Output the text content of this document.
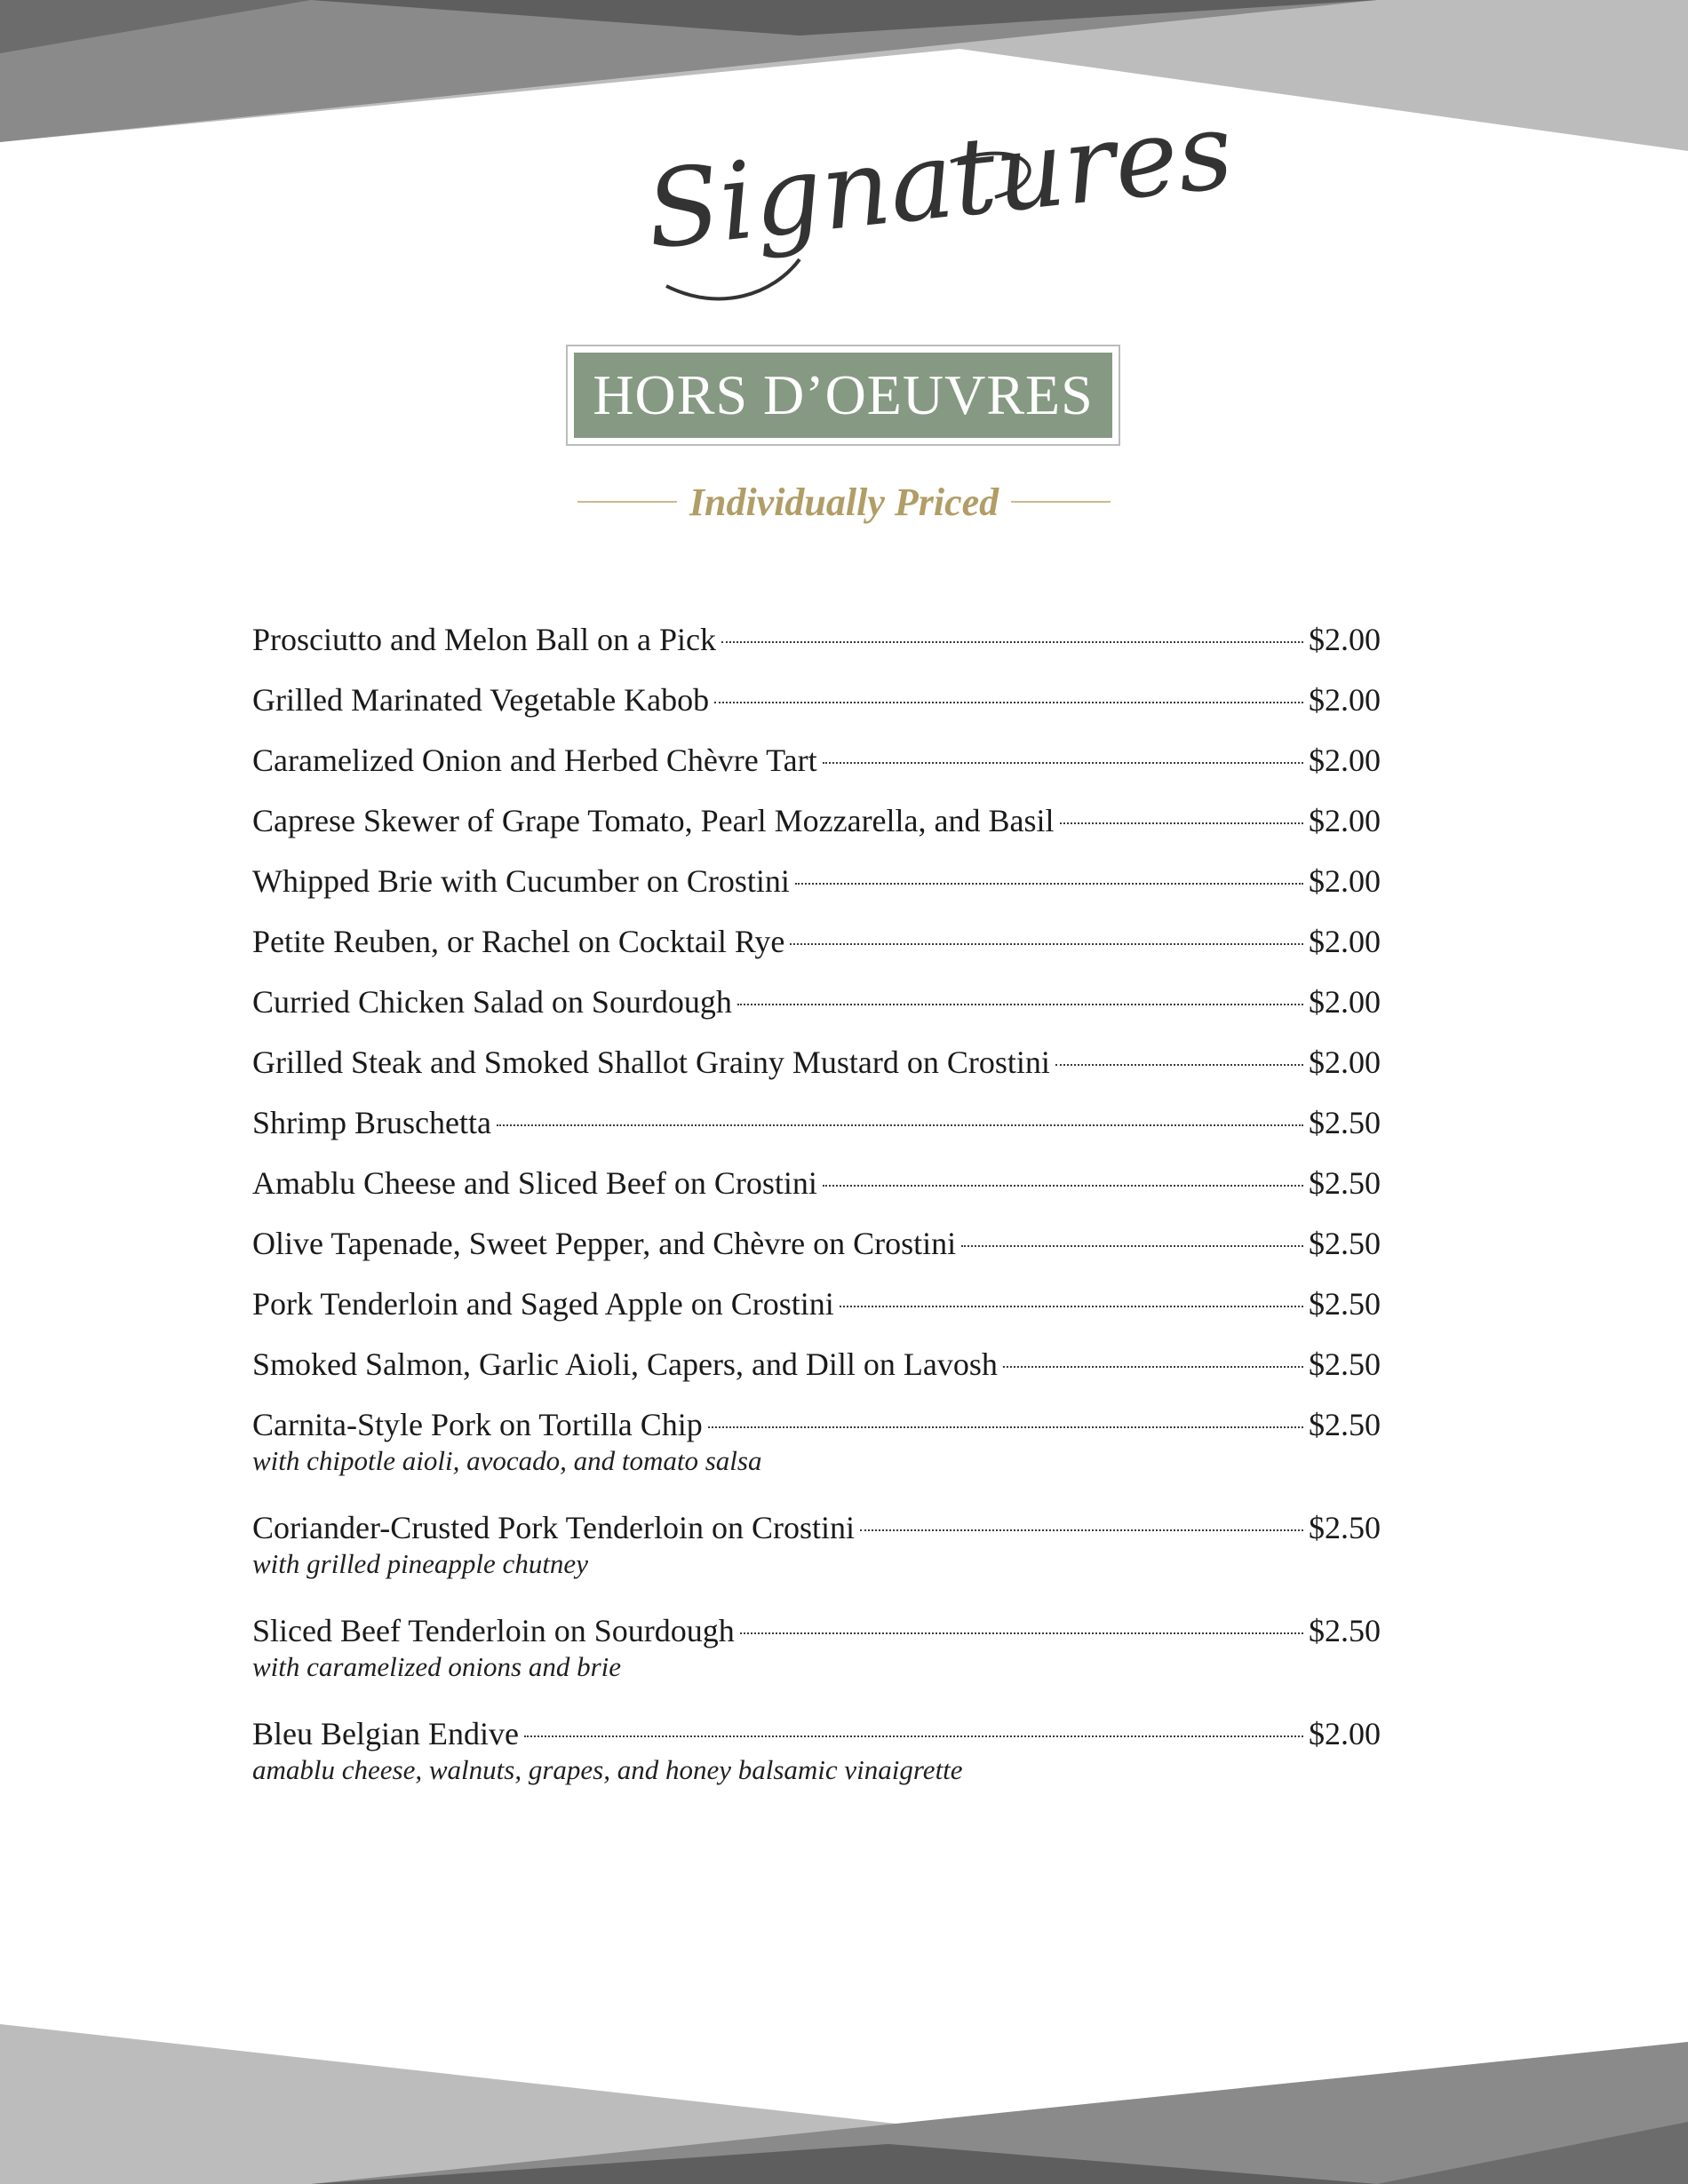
Signatures
HORS D’OEUVRES
Individually Priced
Prosciutto and Melon Ball on a Pick	$2.00
Grilled Marinated Vegetable Kabob	$2.00
Caramelized Onion and Herbed Chèvre Tart	$2.00
Caprese Skewer of Grape Tomato, Pearl Mozzarella, and Basil	$2.00
Whipped Brie with Cucumber on Crostini	$2.00
Petite Reuben, or Rachel on Cocktail Rye	$2.00
Curried Chicken Salad on Sourdough	$2.00
Grilled Steak and Smoked Shallot Grainy Mustard on Crostini	$2.00
Shrimp Bruschetta	$2.50
Amablu Cheese and Sliced Beef on Crostini	$2.50
Olive Tapenade, Sweet Pepper, and Chèvre on Crostini	$2.50
Pork Tenderloin and Saged Apple on Crostini	$2.50
Smoked Salmon, Garlic Aioli, Capers, and Dill on Lavosh	$2.50
Carnita-Style Pork on Tortilla Chip	$2.50
with chipotle aioli, avocado, and tomato salsa
Coriander-Crusted Pork Tenderloin on Crostini	$2.50
with grilled pineapple chutney
Sliced Beef Tenderloin on Sourdough	$2.50
with caramelized onions and brie
Bleu Belgian Endive	$2.00
amablu cheese, walnuts, grapes, and honey balsamic vinaigrette
